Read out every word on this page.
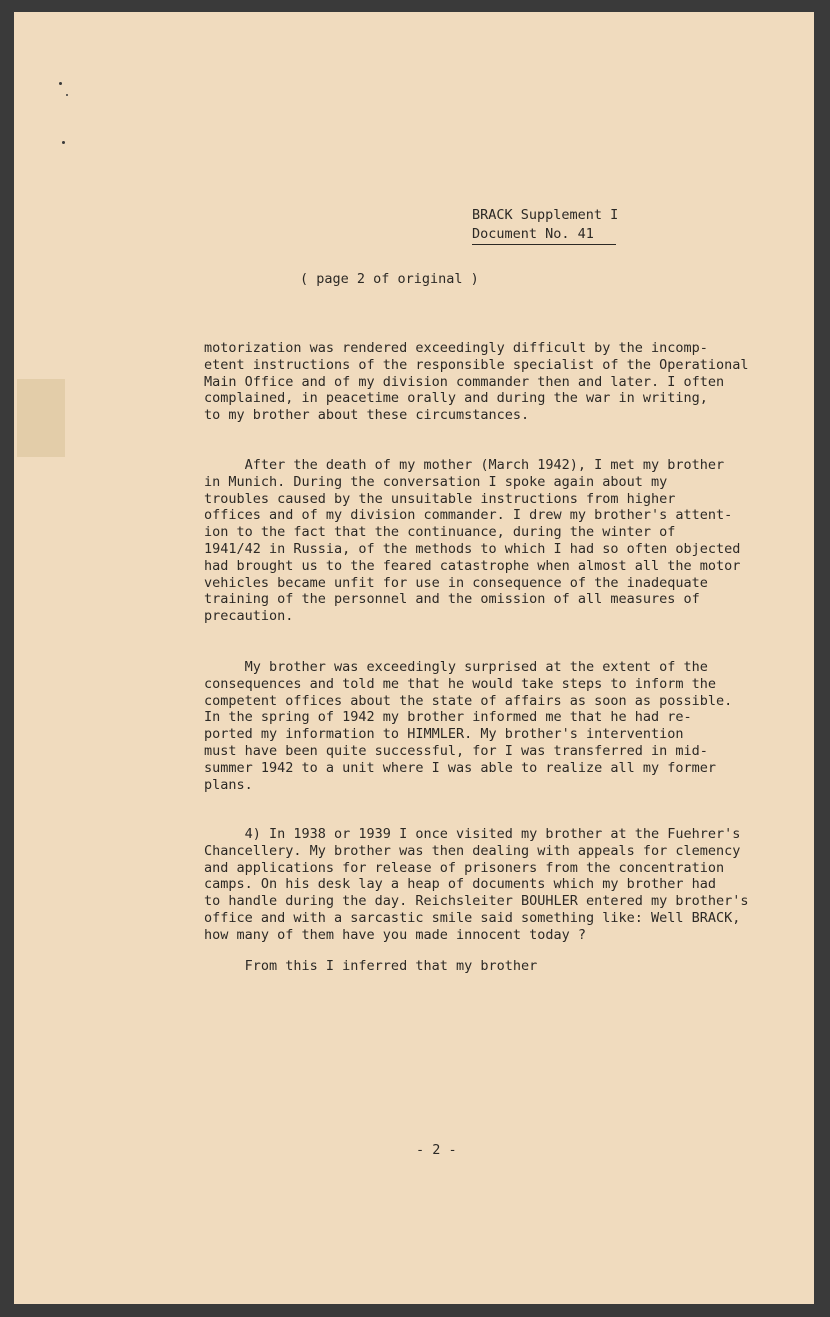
BRACK Supplement I
Document No. 41
( page 2 of original )
motorization was rendered exceedingly difficult by the incomp-
etent instructions of the responsible specialist of the Operational
Main Office and of my division commander then and later. I often
complained, in peacetime orally and during the war in writing,
to my brother about these circumstances.
After the death of my mother (March 1942), I met my brother
in Munich. During the conversation I spoke again about my
troubles caused by the unsuitable instructions from higher
offices and of my division commander. I drew my brother's attent-
ion to the fact that the continuance, during the winter of
1941/42 in Russia, of the methods to which I had so often objected
had brought us to the feared catastrophe when almost all the motor
vehicles became unfit for use in consequence of the inadequate
training of the personnel and the omission of all measures of
precaution.
My brother was exceedingly surprised at the extent of the
consequences and told me that he would take steps to inform the
competent offices about the state of affairs as soon as possible.
In the spring of 1942 my brother informed me that he had re-
ported my information to HIMMLER. My brother's intervention
must have been quite successful, for I was transferred in mid-
summer 1942 to a unit where I was able to realize all my former
plans.
4) In 1938 or 1939 I once visited my brother at the Fuehrer's
Chancellery. My brother was then dealing with appeals for clemency
and applications for release of prisoners from the concentration
camps. On his desk lay a heap of documents which my brother had
to handle during the day. Reichsleiter BOUHLER entered my brother's
office and with a sarcastic smile said something like: Well BRACK,
how many of them have you made innocent today ?
From this I inferred that my brother
- 2 -
